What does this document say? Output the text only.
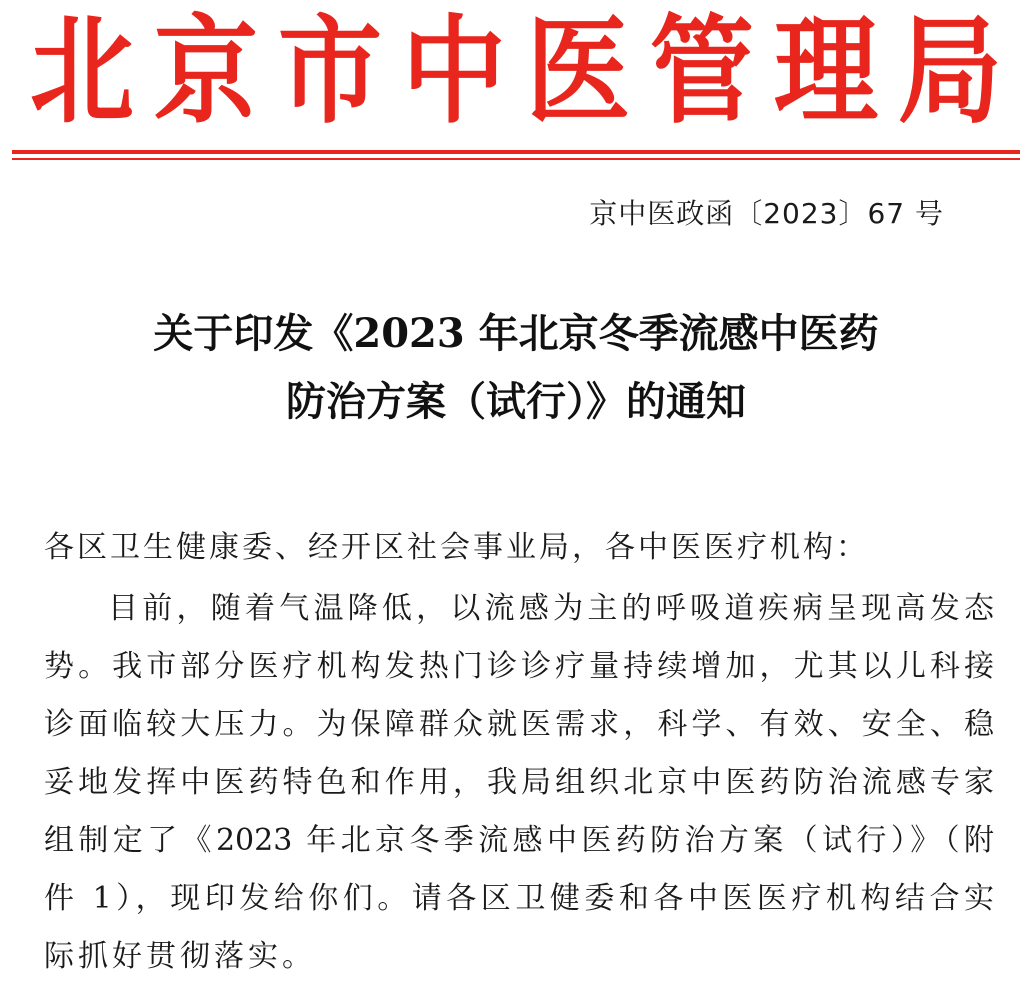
北 京 市 中 医 管 理 局
京中医政函〔2023〕67 号
关于印发《2023 年北京冬季流感中医药
防治方案（试行）》的通知
各区卫生健康委、经开区社会事业局，各中医医疗机构：
目前，随着气温降低，以流感为主的呼吸道疾病呈现高发态
势。我市部分医疗机构发热门诊诊疗量持续增加，尤其以儿科接
诊面临较大压力。为保障群众就医需求，科学、有效、安全、稳
妥地发挥中医药特色和作用，我局组织北京中医药防治流感专家
组制定了《2023 年北京冬季流感中医药防治方案（试行）》（附
件 1），现印发给你们。请各区卫健委和各中医医疗机构结合实
际抓好贯彻落实。
